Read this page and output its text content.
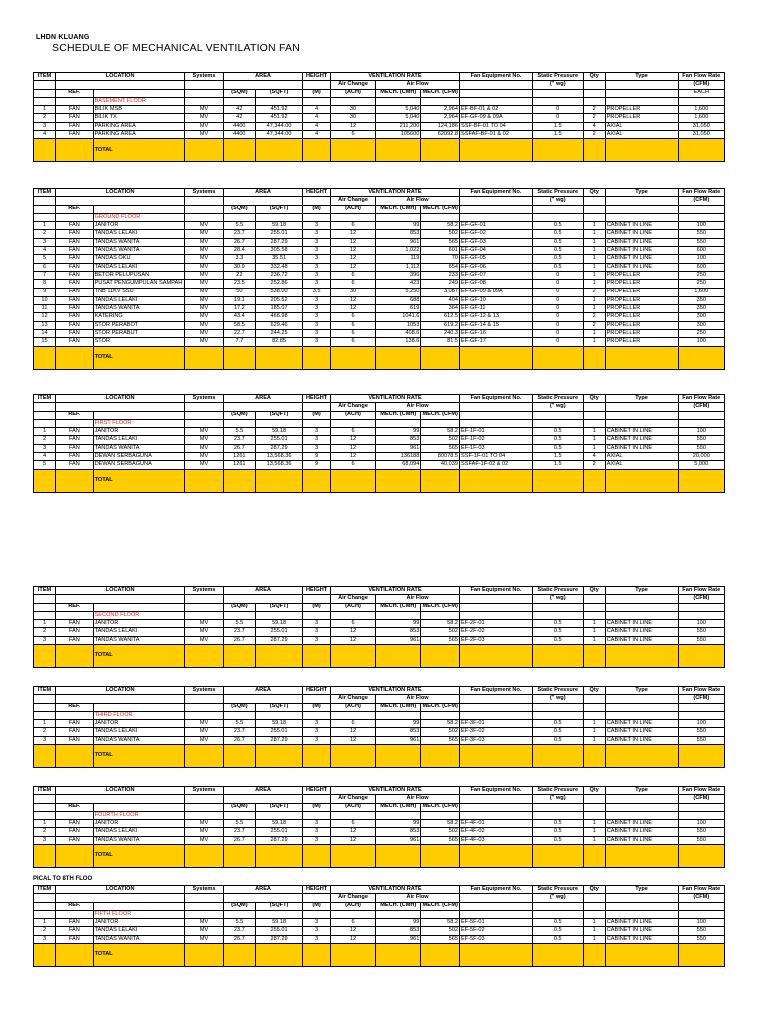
LHDN KLUANG
SCHEDULE OF MECHANICAL VENTILATION FAN
PICAL TO 8TH FLOO
ITEM	LOCATION		Systems	AREA		HEIGHT	VENTILATION RATE			Fan Equipment No.	Static Pressure	Qty	Type	Fan Flow Rate
							Air Change	Air Flow			(" wg)			(CFM)
	REF.			(SQM)	(SQFT)	(M)	(ACH)	MECH. (CMH)	MECH. (CFM)					EACH
		BASEMENT FLOOR												
1	FAN	BILIK MSB	MV	42	451.92	4	30	5,040	2,964	EF-BF-01 & 02	0	2	PROPELLER	1,600
2	FAN	BILIK TX	MV	42	451.92	4	30	5,040	2,964	EF-GF-09 & 09A	0	2	PROPELLER	1,600
3	FAN	PARKING AREA	MV	4400	47,344.00	4	12	211,200	124,186	SSF-BF-01 TO 04	1.5	4	AXIAL	31,050
4	FAN	PARKING AREA	MV	4400	47,344.00	4	6	105600	62092.8	SSFAF-BF-01 & 02	1.5	2	AXIAL	31,050
		TOTAL												
ITEM	LOCATION		Systems	AREA		HEIGHT	VENTILATION RATE			Fan Equipment No.	Static Pressure	Qty	Type	Fan Flow Rate
							Air Change	Air Flow			(" wg)			(CFM)
	REF.			(SQM)	(SQFT)	(M)	(ACH)	MECH. (CMH)	MECH. (CFM)					
		GROUND FLOOR												
1	FAN	JANITOR	MV	5.5	59.18	3	6	99	58.2	EF-GF-01	0.5	1	CABINET IN LINE	100
2	FAN	TANDAS LELAKI	MV	23.7	255.01	3	12	853	502	EF-GF-02	0.5	1	CABINET IN LINE	550
3	FAN	TANDAS WANITA	MV	26.7	287.29	3	12	961	565	EF-GF-03	0.5	1	CABINET IN LINE	550
4	FAN	TANDAS WANITA	MV	28.4	305.58	3	12	1,022	601	EF-GF-04	0.5	1	CABINET IN LINE	600
5	FAN	TANDAS OKU	MV	3.3	35.51	3	12	119	70	EF-GF-05	0.5	1	CABINET IN LINE	100
6	FAN	TANDAS LELAKI	MV	30.9	332.48	3	12	1,112	654	EF-GF-06	0.5	1	CABINET IN LINE	600
7	FAN	BETOR PELUPUSAN	MV	22	236.72	3	6	396	233	EF-GF-07	0	1	PROPELLER	250
8	FAN	PUSAT PENGUMPULAN SAMPAH	MV	23.5	252.86	3	6	423	249	EF-GF-08	0	1	PROPELLER	250
9	FAN	TNB 11KV SSU	MV	50	538.00	3.5	30	5,250	3,087	EF-GF-09 & 09A	0	2	PROPELLER	1,600
10	FAN	TANDAS LELAKI	MV	19.1	205.52	3	12	688	404	EF-GF-10	0	1	PROPELLER	350
11	FAN	TANDAS WANITA	MV	17.2	185.07	3	12	619	364	EF-GF-11	0	1	PROPELLER	350
12	FAN	KATERING	MV	43.4	466.98	3	6	1041.6	612.5	EF-GF-12 & 13	0	2	PROPELLER	300
13	FAN	STOR PERABOT	MV	58.5	629.46	3	6	1053	619.2	EF-GF-14 & 15	0	2	PROPELLER	300
14	FAN	STOR PERABUT	MV	22.7	244.25	3	6	408.6	240.3	EF-GF-16	0	1	PROPELLER	250
15	FAN	STOR	MV	7.7	82.85	3	6	138.6	81.5	EF-GF-17	0	1	PROPELLER	100
		TOTAL												
ITEM	LOCATION		Systems	AREA		HEIGHT	VENTILATION RATE			Fan Equipment No.	Static Pressure	Qty	Type	Fan Flow Rate
							Air Change	Air Flow			(" wg)			(CFM)
	REF.			(SQM)	(SQFT)	(M)	(ACH)	MECH. (CMH)	MECH. (CFM)					
		FIRST FLOOR												
1	FAN	JANITOR	MV	5.5	59.18	3	6	99	58.2	EF-1F-01	0.5	1	CABINET IN LINE	100
2	FAN	TANDAS LELAKI	MV	23.7	255.01	3	12	853	502	EF-1F-02	0.5	1	CABINET IN LINE	550
3	FAN	TANDAS WANITA	MV	26.7	287.29	3	12	961	565	EF-1F-03	0.5	1	CABINET IN LINE	550
4	FAN	DEWAN SERBAGUNA	MV	1261	13,568.36	9	12	136188	80078.5	SSF-1F-01 TO 04	1.5	4	AXIAL	20,000
5	FAN	DEWAN SERBAGUNA	MV	1261	13,568.36	9	6	68,094	40,039	SSFAF-1F-02 & 02	1.5	2	AXIAL	5,000
		TOTAL												
ITEM	LOCATION		Systems	AREA		HEIGHT	VENTILATION RATE			Fan Equipment No.	Static Pressure	Qty	Type	Fan Flow Rate
							Air Change	Air Flow			(" wg)			(CFM)
	REF.			(SQM)	(SQFT)	(M)	(ACH)	MECH. (CMH)	MECH. (CFM)					
		SECOND FLOOR												
1	FAN	JANITOR	MV	5.5	59.18	3	6	99	58.2	EF-2F-01	0.5	1	CABINET IN LINE	100
2	FAN	TANDAS LELAKI	MV	23.7	255.01	3	12	853	502	EF-2F-02	0.5	1	CABINET IN LINE	550
3	FAN	TANDAS WANITA	MV	26.7	287.29	3	12	961	565	EF-2F-03	0.5	1	CABINET IN LINE	550
		TOTAL												
ITEM	LOCATION		Systems	AREA		HEIGHT	VENTILATION RATE			Fan Equipment No.	Static Pressure	Qty	Type	Fan Flow Rate
							Air Change	Air Flow			(" wg)			(CFM)
	REF.			(SQM)	(SQFT)	(M)	(ACH)	MECH. (CMH)	MECH. (CFM)					
		THIRD FLOOR												
1	FAN	JANITOR	MV	5.5	59.18	3	6	99	58.2	EF-3F-01	0.5	1	CABINET IN LINE	100
2	FAN	TANDAS LELAKI	MV	23.7	255.01	3	12	853	502	EF-3F-02	0.5	1	CABINET IN LINE	550
3	FAN	TANDAS WANITA	MV	26.7	287.29	3	12	961	565	EF-3F-03	0.5	1	CABINET IN LINE	550
		TOTAL												
ITEM	LOCATION		Systems	AREA		HEIGHT	VENTILATION RATE			Fan Equipment No.	Static Pressure	Qty	Type	Fan Flow Rate
							Air Change	Air Flow			(" wg)			(CFM)
	REF.			(SQM)	(SQFT)	(M)	(ACH)	MECH. (CMH)	MECH. (CFM)					
		FOURTH FLOOR												
1	FAN	JANITOR	MV	5.5	59.18	3	6	99	58.2	EF-4F-01	0.5	1	CABINET IN LINE	100
2	FAN	TANDAS LELAKI	MV	23.7	255.01	3	12	853	502	EF-4F-02	0.5	1	CABINET IN LINE	550
3	FAN	TANDAS WANITA	MV	26.7	287.29	3	12	961	565	EF-4F-03	0.5	1	CABINET IN LINE	550
		TOTAL												
ITEM	LOCATION		Systems	AREA		HEIGHT	VENTILATION RATE			Fan Equipment No.	Static Pressure	Qty	Type	Fan Flow Rate
							Air Change	Air Flow			(" wg)			(CFM)
	REF.			(SQM)	(SQFT)	(M)	(ACH)	MECH. (CMH)	MECH. (CFM)					
		FIFTH FLOOR												
1	FAN	JANITOR	MV	5.5	59.18	3	6	99	58.2	EF-5F-01	0.5	1	CABINET IN LINE	100
2	FAN	TANDAS LELAKI	MV	23.7	255.01	3	12	853	502	EF-5F-02	0.5	1	CABINET IN LINE	550
3	FAN	TANDAS WANITA	MV	26.7	287.29	3	12	961	565	EF-5F-03	0.5	1	CABINET IN LINE	550
		TOTAL												
